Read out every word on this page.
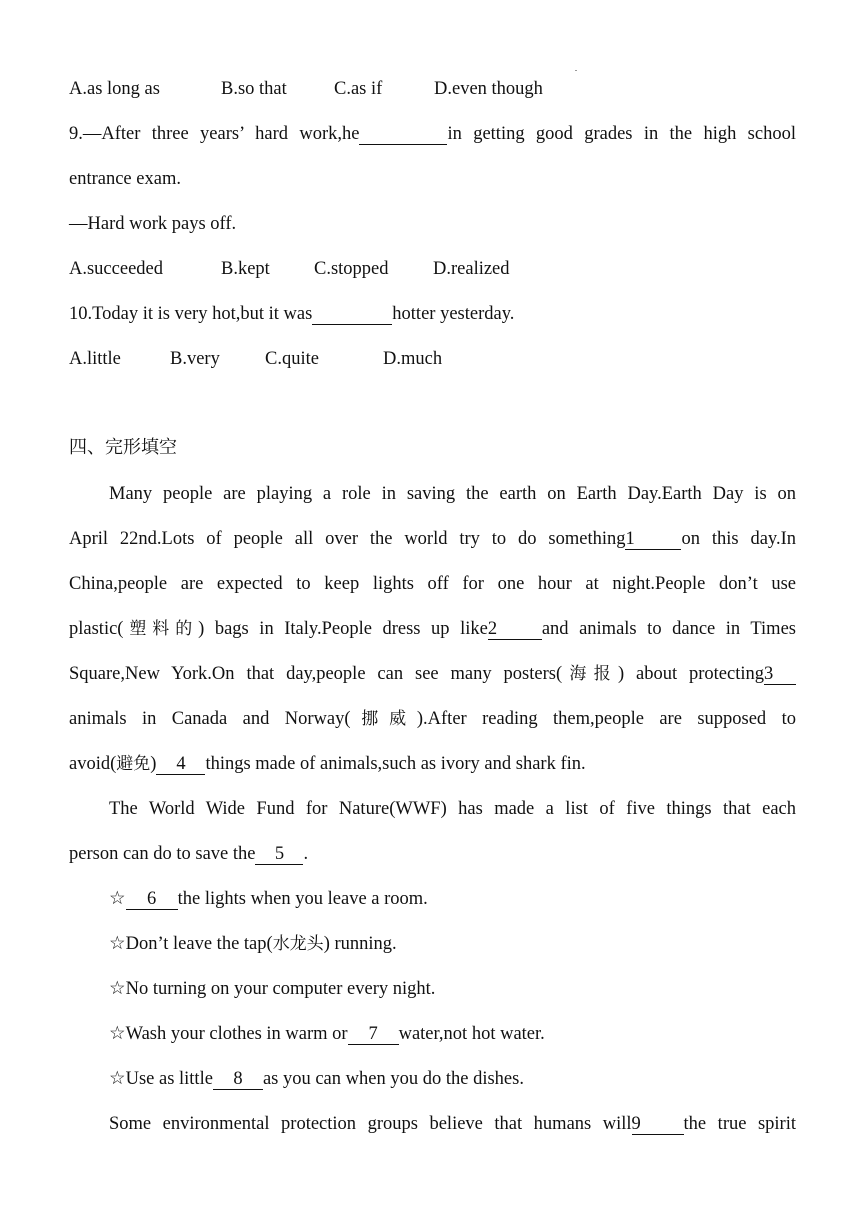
A.as long as	B.so that	C.as if	D.even though
9.—After three years’ hard work,he	in getting good grades in the high school
entrance exam.
—Hard work pays off.
A.succeeded	B.kept C.stopped D.realized
10.Today it is very hot,but it was	hotter yesterday.
A.little	B.very C.quite	D.much
四、完形填空
Many people are playing a role in saving the earth on Earth Day.Earth Day is on
April 22nd.Lots of people all over the world try to do something1	on this day.In
China,people are expected to keep lights off for one hour at night.People don’t use
plastic(塑料的) bags in Italy.People dress up like2 and animals to dance in Times
Square,New York.On that day,people can see many posters(海报) about protecting3
animals in Canada and Norway(挪威).After reading them,people are supposed to
avoid(避免) 4 things made of animals,such as ivory and shark fin.
The World Wide Fund for Nature(WWF) has made a list of five things that each
person can do to save the 5 .
☆ 6 the lights when you leave a room.
☆Don’t leave the tap(水龙头) running.
☆No turning on your computer every night.
☆Wash your clothes in warm or 7 water,not hot water.
☆Use as little 8 as you can when you do the dishes.
Some environmental protection groups believe that humans will9 the true spirit
